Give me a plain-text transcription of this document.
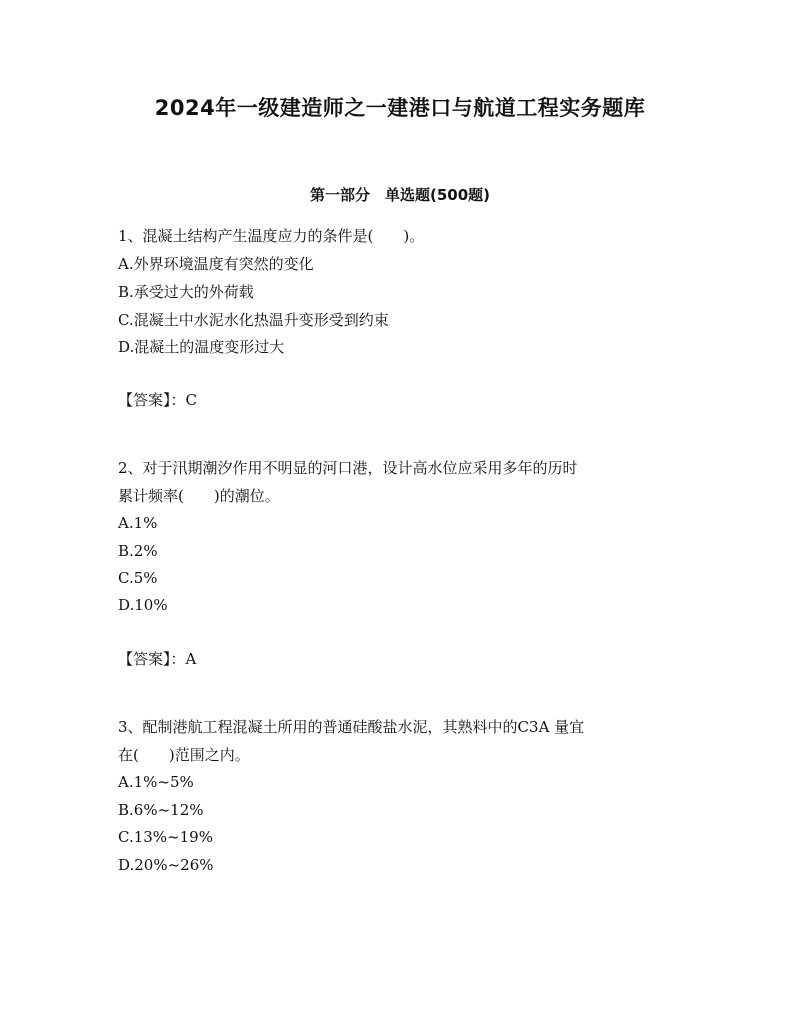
2024年一级建造师之一建港口与航道工程实务题库
第一部分　单选题(500题)
1、混凝土结构产生温度应力的条件是(　　)。
A.外界环境温度有突然的变化
B.承受过大的外荷载
C.混凝土中水泥水化热温升变形受到约束
D.混凝土的温度变形过大
【答案】：C
2、对于汛期潮汐作用不明显的河口港，设计高水位应采用多年的历时
累计频率(　　)的潮位。
A.1%
B.2%
C.5%
D.10%
【答案】：A
3、配制港航工程混凝土所用的普通硅酸盐水泥，其熟料中的C3A 量宜
在(　　)范围之内。
A.1%~5%
B.6%~12%
C.13%~19%
D.20%~26%
